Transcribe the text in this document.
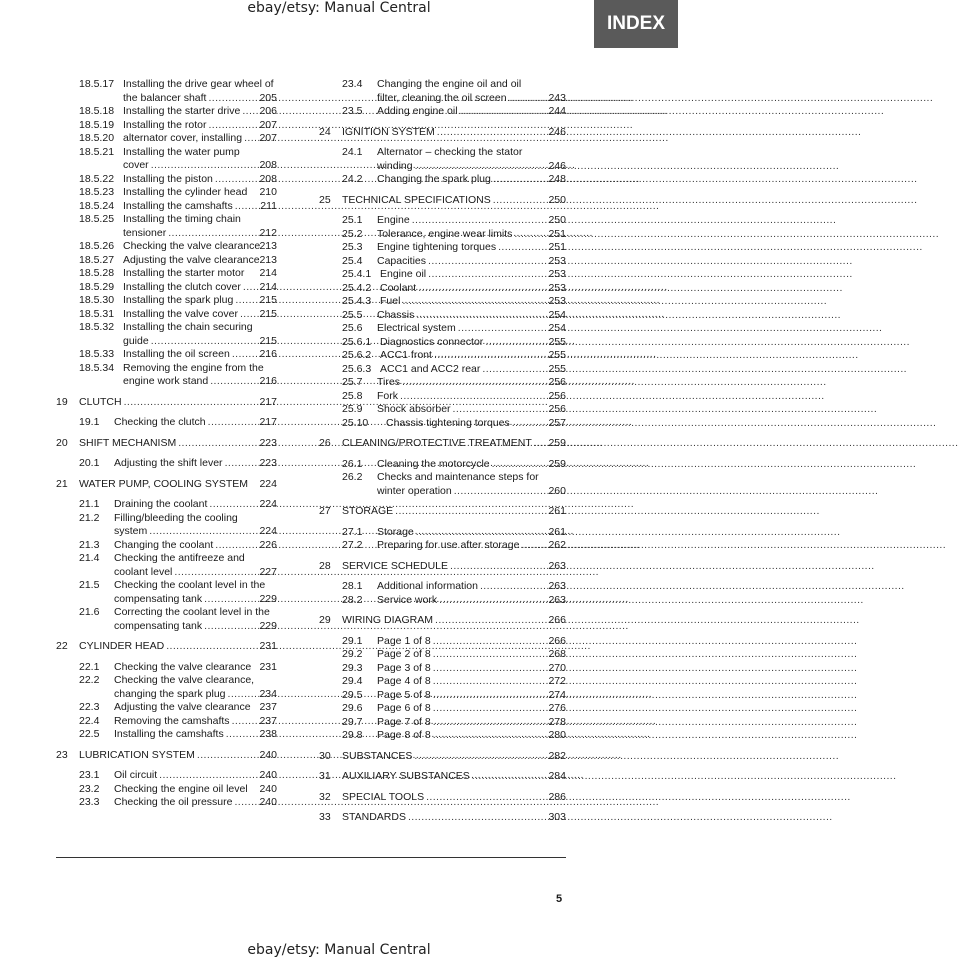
ebay/etsy: Manual Central
INDEX
18.5.17 Installing the drive gear wheel of
the balancer shaft .....	205
18.5.18 Installing the starter drive ..... 206
18.5.19 Installing the rotor .....	207
18.5.20 alternator cover, installing ..... 207
18.5.21 Installing the water pump
cover .....	208
18.5.22 Installing the piston .....	208
18.5.23 Installing the cylinder head 210
18.5.24 Installing the camshafts .....	211
18.5.25 Installing the timing chain
tensioner .....	212
18.5.26 Checking the valve clearance 213
18.5.27 Adjusting the valve clearance 213
18.5.28 Installing the starter motor ..... 214
18.5.29 Installing the clutch cover ..... 214
18.5.30 Installing the spark plug ..... 215
18.5.31 Installing the valve cover ..... 215
18.5.32 Installing the chain securing
guide .....	215
18.5.33 Installing the oil screen .....	216
18.5.34 Removing the engine from the
engine work stand .....	216
19 CLUTCH .....	217
19.1 Checking the clutch .....	217
20 SHIFT MECHANISM .....	223
20.1 Adjusting the shift lever .....	223
21 WATER PUMP, COOLING SYSTEM 224
21.1 Draining the coolant .....	224
21.2 Filling/bleeding the cooling
system .....	224
21.3 Changing the coolant .....	226
21.4 Checking the antifreeze and
coolant level .....	227
21.5 Checking the coolant level in the
compensating tank .....	229
21.6 Correcting the coolant level in the
compensating tank .....	229
22 CYLINDER HEAD .....	231
22.1 Checking the valve clearance 231
22.2 Checking the valve clearance,
changing the spark plug .....	234
22.3 Adjusting the valve clearance 237
22.4 Removing the camshafts .....	237
22.5 Installing the camshafts .....	238
23 LUBRICATION SYSTEM .....	240
23.1 Oil circuit .....	240
23.2 Checking the engine oil level 240
23.3 Checking the oil pressure .....	240
23.4 Changing the engine oil and oil
filter, cleaning the oil screen .....	243
23.5 Adding engine oil .....	244
24 IGNITION SYSTEM .....	246
24.1 Alternator – checking the stator
winding .....	246
24.2 Changing the spark plug .....	248
25 TECHNICAL SPECIFICATIONS .....	250
25.1 Engine .....	250
25.2 Tolerance, engine wear limits .....	251
25.3 Engine tightening torques .....	251
25.4 Capacities .....	253
25.4.1 Engine oil .....	253
25.4.2 Coolant .....	253
25.4.3 Fuel .....	253
25.5 Chassis .....	254
25.6 Electrical system .....	254
25.6.1 Diagnostics connector .....	255
25.6.2 ACC1 front .....	255
25.6.3 ACC1 and ACC2 rear .....	255
25.7 Tires .....	256
25.8 Fork .....	256
25.9 Shock absorber .....	256
25.10 Chassis tightening torques .....	257
26 CLEANING/PROTECTIVE TREATMENT ..... 259
26.1 Cleaning the motorcycle .....	259
26.2 Checks and maintenance steps for
winter operation .....	260
27 STORAGE .....	261
27.1 Storage .....	261
27.2 Preparing for use after storage .....	262
28 SERVICE SCHEDULE .....	263
28.1 Additional information .....	263
28.2 Service work .....	263
29 WIRING DIAGRAM .....	266
29.1 Page 1 of 8 .....	266
29.2 Page 2 of 8 .....	268
29.3 Page 3 of 8 .....	270
29.4 Page 4 of 8 .....	272
29.5 Page 5 of 8 .....	274
29.6 Page 6 of 8 .....	276
29.7 Page 7 of 8 .....	278
29.8 Page 8 of 8 .....	280
30 SUBSTANCES .....	282
31 AUXILIARY SUBSTANCES .....	284
32 SPECIAL TOOLS .....	286
33 STANDARDS .....	303
5
ebay/etsy: Manual Central
